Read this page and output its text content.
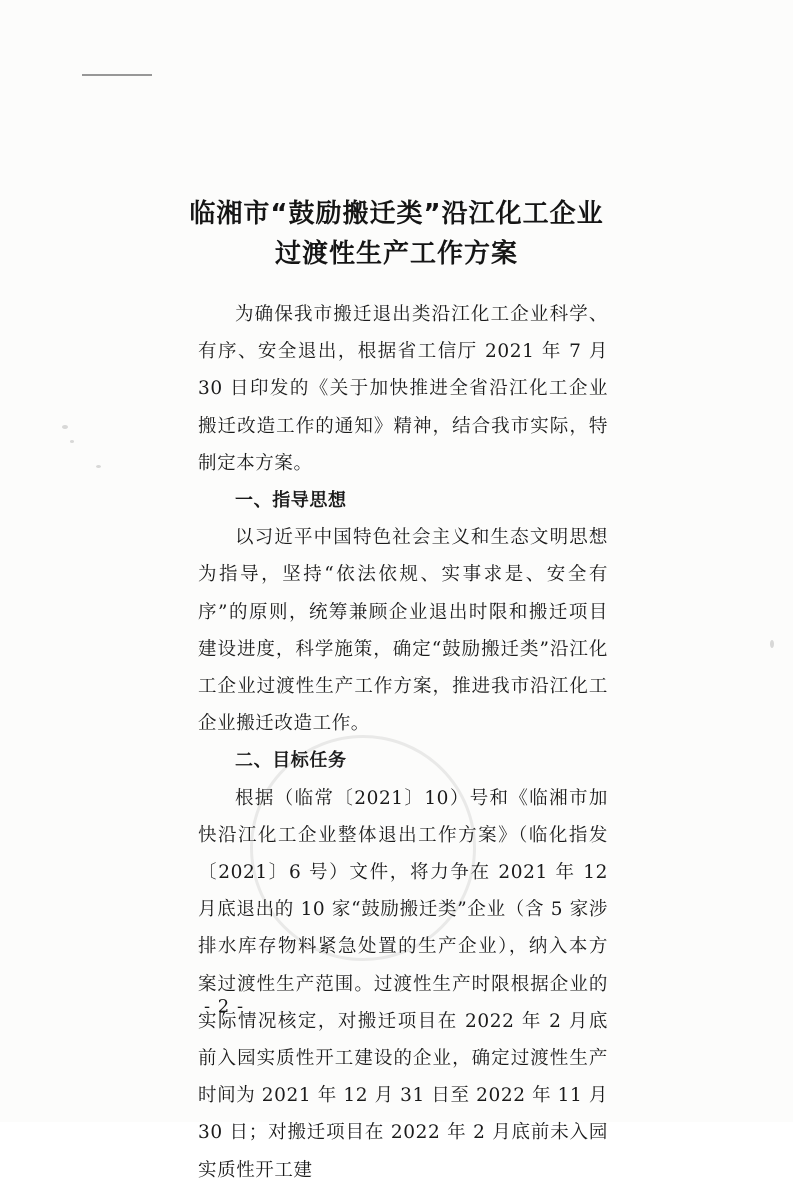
临湘市“鼓励搬迁类”沿江化工企业
过渡性生产工作方案

为确保我市搬迁退出类沿江化工企业科学、有序、安全退出，根据省工信厅 2021 年 7 月 30 日印发的《关于加快推进全省沿江化工企业搬迁改造工作的通知》精神，结合我市实际，特制定本方案。

一、指导思想

以习近平中国特色社会主义和生态文明思想为指导，坚持“依法依规、实事求是、安全有序”的原则，统筹兼顾企业退出时限和搬迁项目建设进度，科学施策，确定“鼓励搬迁类”沿江化工企业过渡性生产工作方案，推进我市沿江化工企业搬迁改造工作。

二、目标任务

根据（临常〔2021〕10）号和《临湘市加快沿江化工企业整体退出工作方案》（临化指发〔2021〕6 号）文件，将力争在 2021 年 12 月底退出的 10 家“鼓励搬迁类”企业（含 5 家涉排水库存物料紧急处置的生产企业），纳入本方案过渡性生产范围。过渡性生产时限根据企业的实际情况核定，对搬迁项目在 2022 年 2 月底前入园实质性开工建设的企业，确定过渡性生产时间为 2021 年 12 月 31 日至 2022 年 11 月 30 日；对搬迁项目在 2022 年 2 月底前未入园实质性开工建

- 2 -
